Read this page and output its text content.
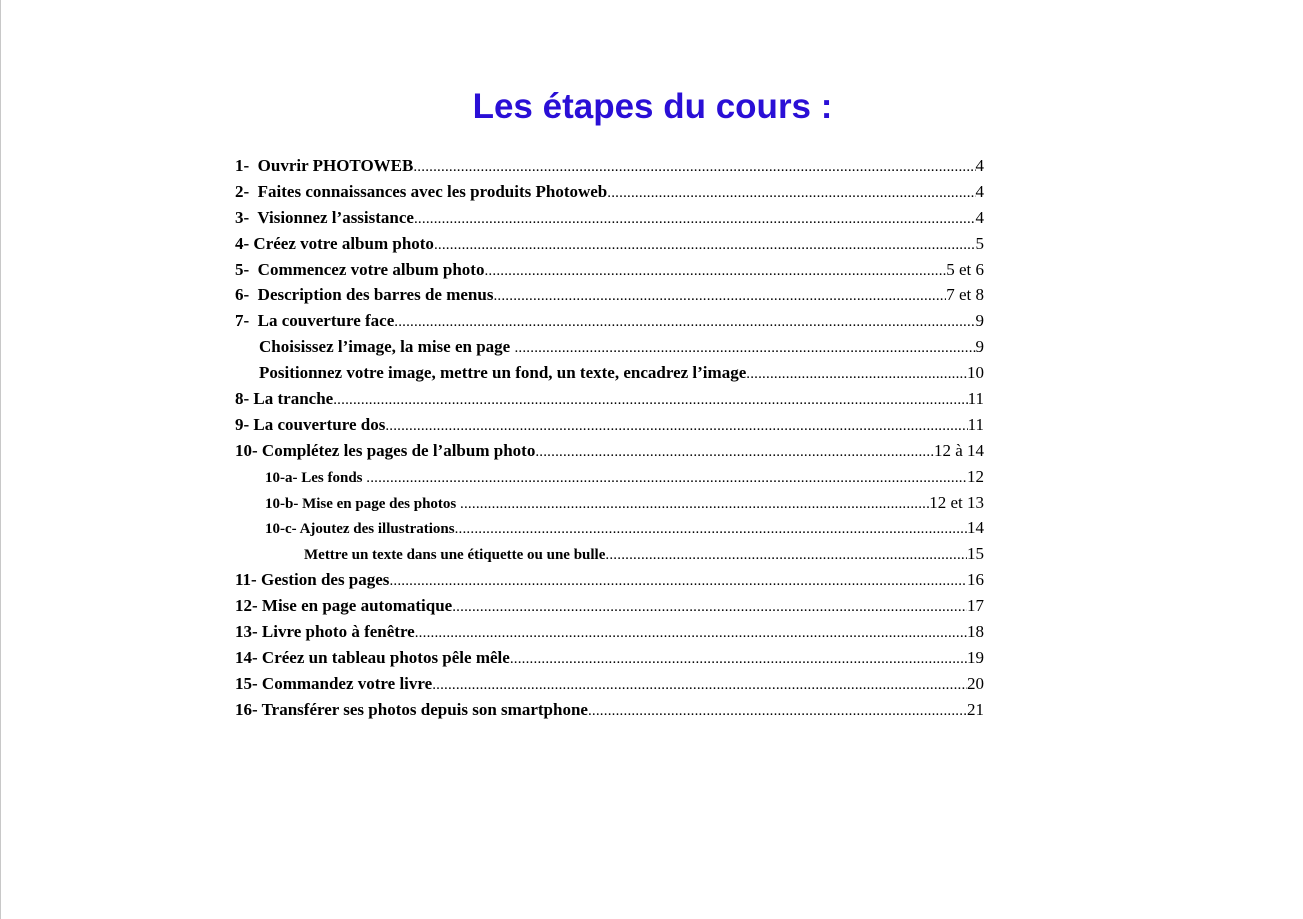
Les étapes du cours :
1-  Ouvrir PHOTOWEB .....	4
2-  Faites connaissances avec les produits Photoweb .....	4
3-  Visionnez l’assistance .....	4
4- Créez votre album photo .....	5
5-  Commencez votre album photo .....	5 et 6
6-  Description des barres de menus .....	7 et 8
7-  La couverture face .....	9
Choisissez l’image, la mise en page .....	9
Positionnez votre image, mettre un fond, un texte, encadrez l’image .....	10
8- La tranche .....	11
9- La couverture dos .....	11
10- Complétez les pages de l’album photo .....	12 à 14
10-a- Les fonds .....	12
10-b- Mise en page des photos .....	12 et 13
10-c- Ajoutez des illustrations .....	14
Mettre un texte dans une étiquette ou une bulle .....	15
11- Gestion des pages .....	16
12- Mise en page automatique .....	17
13- Livre photo à fenêtre .....	18
14- Créez un tableau photos pêle mêle .....	19
15- Commandez votre livre .....	20
16- Transférer ses photos depuis son smartphone .....	21
